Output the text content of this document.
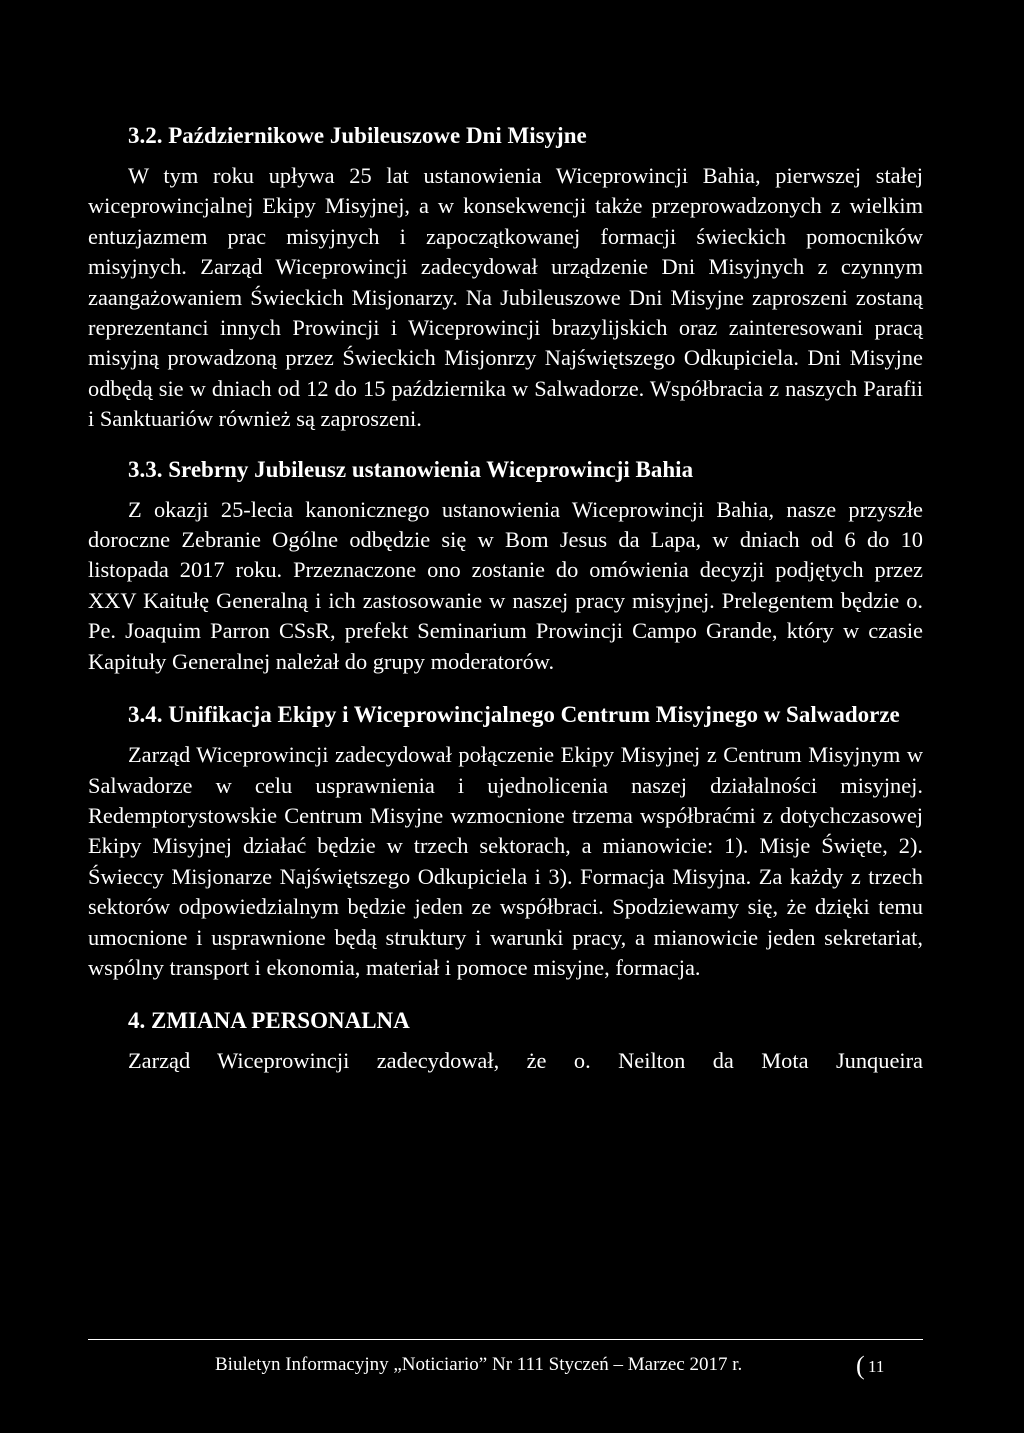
3.2. Październikowe Jubileuszowe Dni Misyjne

W tym roku upływa 25 lat ustanowienia Wiceprowincji Bahia, pierwszej stałej wiceprowincjalnej Ekipy Misyjnej, a w konsekwencji także przeprowadzonych z wielkim entuzjazmem prac misyjnych i zapoczątkowanej formacji świeckich pomocników misyjnych. Zarząd Wiceprowincji zadecydował urządzenie Dni Misyjnych z czynnym zaangażowaniem Świeckich Misjonarzy. Na Jubileuszowe Dni Misyjne zaproszeni zostaną reprezentanci innych Prowincji i Wiceprowincji brazylijskich oraz zainteresowani pracą misyjną prowadzoną przez Świeckich Misjonrzy Najświętszego Odkupiciela. Dni Misyjne odbędą sie w dniach od 12 do 15 października w Salwadorze. Współbracia z naszych Parafii i Sanktuariów również są zaproszeni.

3.3. Srebrny Jubileusz ustanowienia Wiceprowincji Bahia

Z okazji 25-lecia kanonicznego ustanowienia Wiceprowincji Bahia, nasze przyszłe doroczne Zebranie Ogólne odbędzie się w Bom Jesus da Lapa, w dniach od 6 do 10 listopada 2017 roku. Przeznaczone ono zostanie do omówienia decyzji podjętych przez XXV Kaitułę Generalną i ich zastosowanie w naszej pracy misyjnej. Prelegentem będzie o. Pe. Joaquim Parron CSsR, prefekt Seminarium Prowincji Campo Grande, który w czasie Kapituły Generalnej należał do grupy moderatorów.

3.4. Unifikacja Ekipy i Wiceprowincjalnego Centrum Misyjnego w Salwadorze

Zarząd Wiceprowincji zadecydował połączenie Ekipy Misyjnej z Centrum Misyjnym w Salwadorze w celu usprawnienia i ujednolicenia naszej działalności misyjnej. Redemptorystowskie Centrum Misyjne wzmocnione trzema współbraćmi z dotychczasowej Ekipy Misyjnej działać będzie w trzech sektorach, a mianowicie: 1). Misje Święte, 2). Świeccy Misjonarze Najświętszego Odkupiciela i 3). Formacja Misyjna. Za każdy z trzech sektorów odpowiedzialnym będzie jeden ze współbraci. Spodziewamy się, że dzięki temu umocnione i usprawnione będą struktury i warunki pracy, a mianowicie jeden sekretariat, wspólny transport i ekonomia, materiał i pomoce misyjne, formacja.

4. ZMIANA PERSONALNA

Zarząd Wiceprowincji zadecydował, że o. Neilton da Mota Junqueira

Biuletyn Informacyjny „Noticiario” Nr 111 Styczeń – Marzec 2017 r.	( 11
